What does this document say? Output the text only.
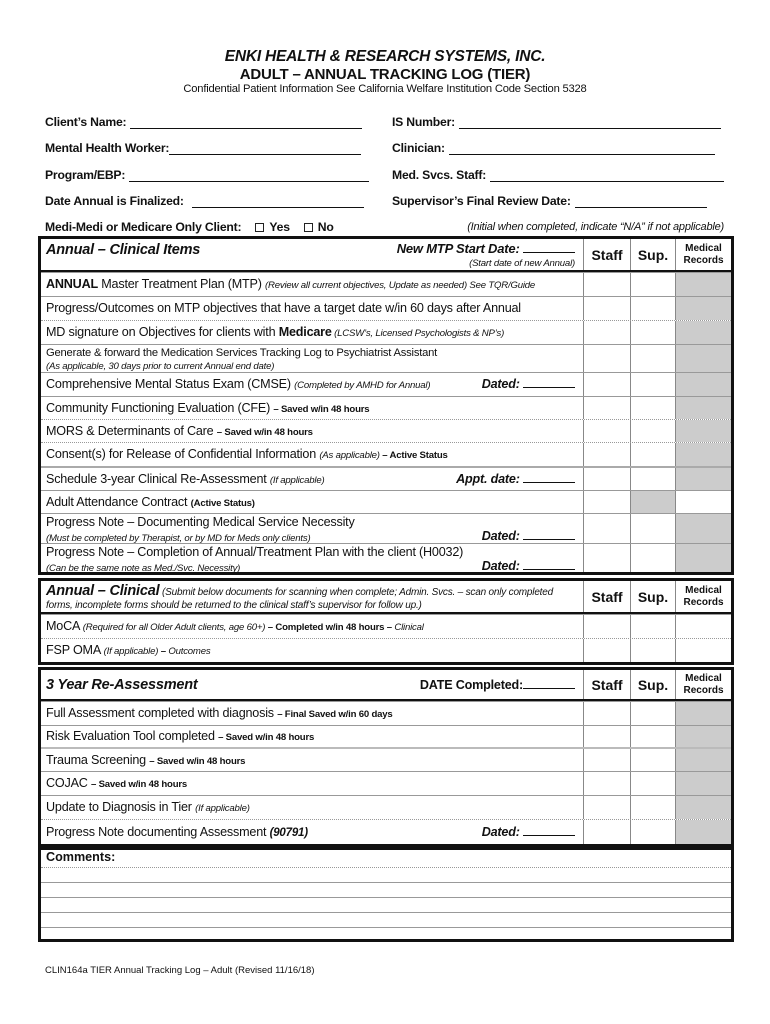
ENKI HEALTH & RESEARCH SYSTEMS, INC.
ADULT – ANNUAL TRACKING LOG (TIER)
Confidential Patient Information See California Welfare Institution Code Section 5328
Client’s Name:	IS Number:
Mental Health Worker:	Clinician:
Program/EBP:	Med. Svcs. Staff:
Date Annual is Finalized:	Supervisor’s Final Review Date:
Medi-Medi or Medicare Only Client: Yes No	(Initial when completed, indicate “N/A” if not applicable)
Annual – Clinical Items	New MTP Start Date:
(Start date of new Annual)
Staff	Sup.	Medical
Records
ANNUAL Master Treatment Plan (MTP) (Review all current objectives, Update as needed) See TQR/Guide
Progress/Outcomes on MTP objectives that have a target date w/in 60 days after Annual
MD signature on Objectives for clients with Medicare (LCSW’s, Licensed Psychologists & NP’s)
Generate & forward the Medication Services Tracking Log to Psychiatrist Assistant
(As applicable, 30 days prior to current Annual end date)
Comprehensive Mental Status Exam (CMSE) (Completed by AMHD for Annual)	Dated:
Community Functioning Evaluation (CFE) – Saved w/in 48 hours
MORS & Determinants of Care – Saved w/in 48 hours
Consent(s) for Release of Confidential Information (As applicable) – Active Status
Schedule 3-year Clinical Re-Assessment (If applicable)	Appt. date:
Adult Attendance Contract (Active Status)
Progress Note – Documenting Medical Service Necessity
(Must be completed by Therapist, or by MD for Meds only clients)	Dated:
Progress Note – Completion of Annual/Treatment Plan with the client (H0032)
(Can be the same note as Med./Svc. Necessity)	Dated:
Annual – Clinical (Submit below documents for scanning when complete; Admin. Svcs. – scan only completed forms, incomplete forms should be returned to the clinical staff’s supervisor for follow up.)
Staff	Sup.	Medical
Records
MoCA (Required for all Older Adult clients, age 60+) – Completed w/in 48 hours – Clinical
FSP OMA (If applicable) – Outcomes
3 Year Re-Assessment	DATE Completed:	Staff	Sup.	Medical
Records
Full Assessment completed with diagnosis – Final Saved w/in 60 days
Risk Evaluation Tool completed – Saved w/in 48 hours
Trauma Screening – Saved w/in 48 hours
COJAC – Saved w/in 48 hours
Update to Diagnosis in Tier (If applicable)
Progress Note documenting Assessment (90791)	Dated:
Comments:
CLIN164a TIER Annual Tracking Log – Adult (Revised 11/16/18)
